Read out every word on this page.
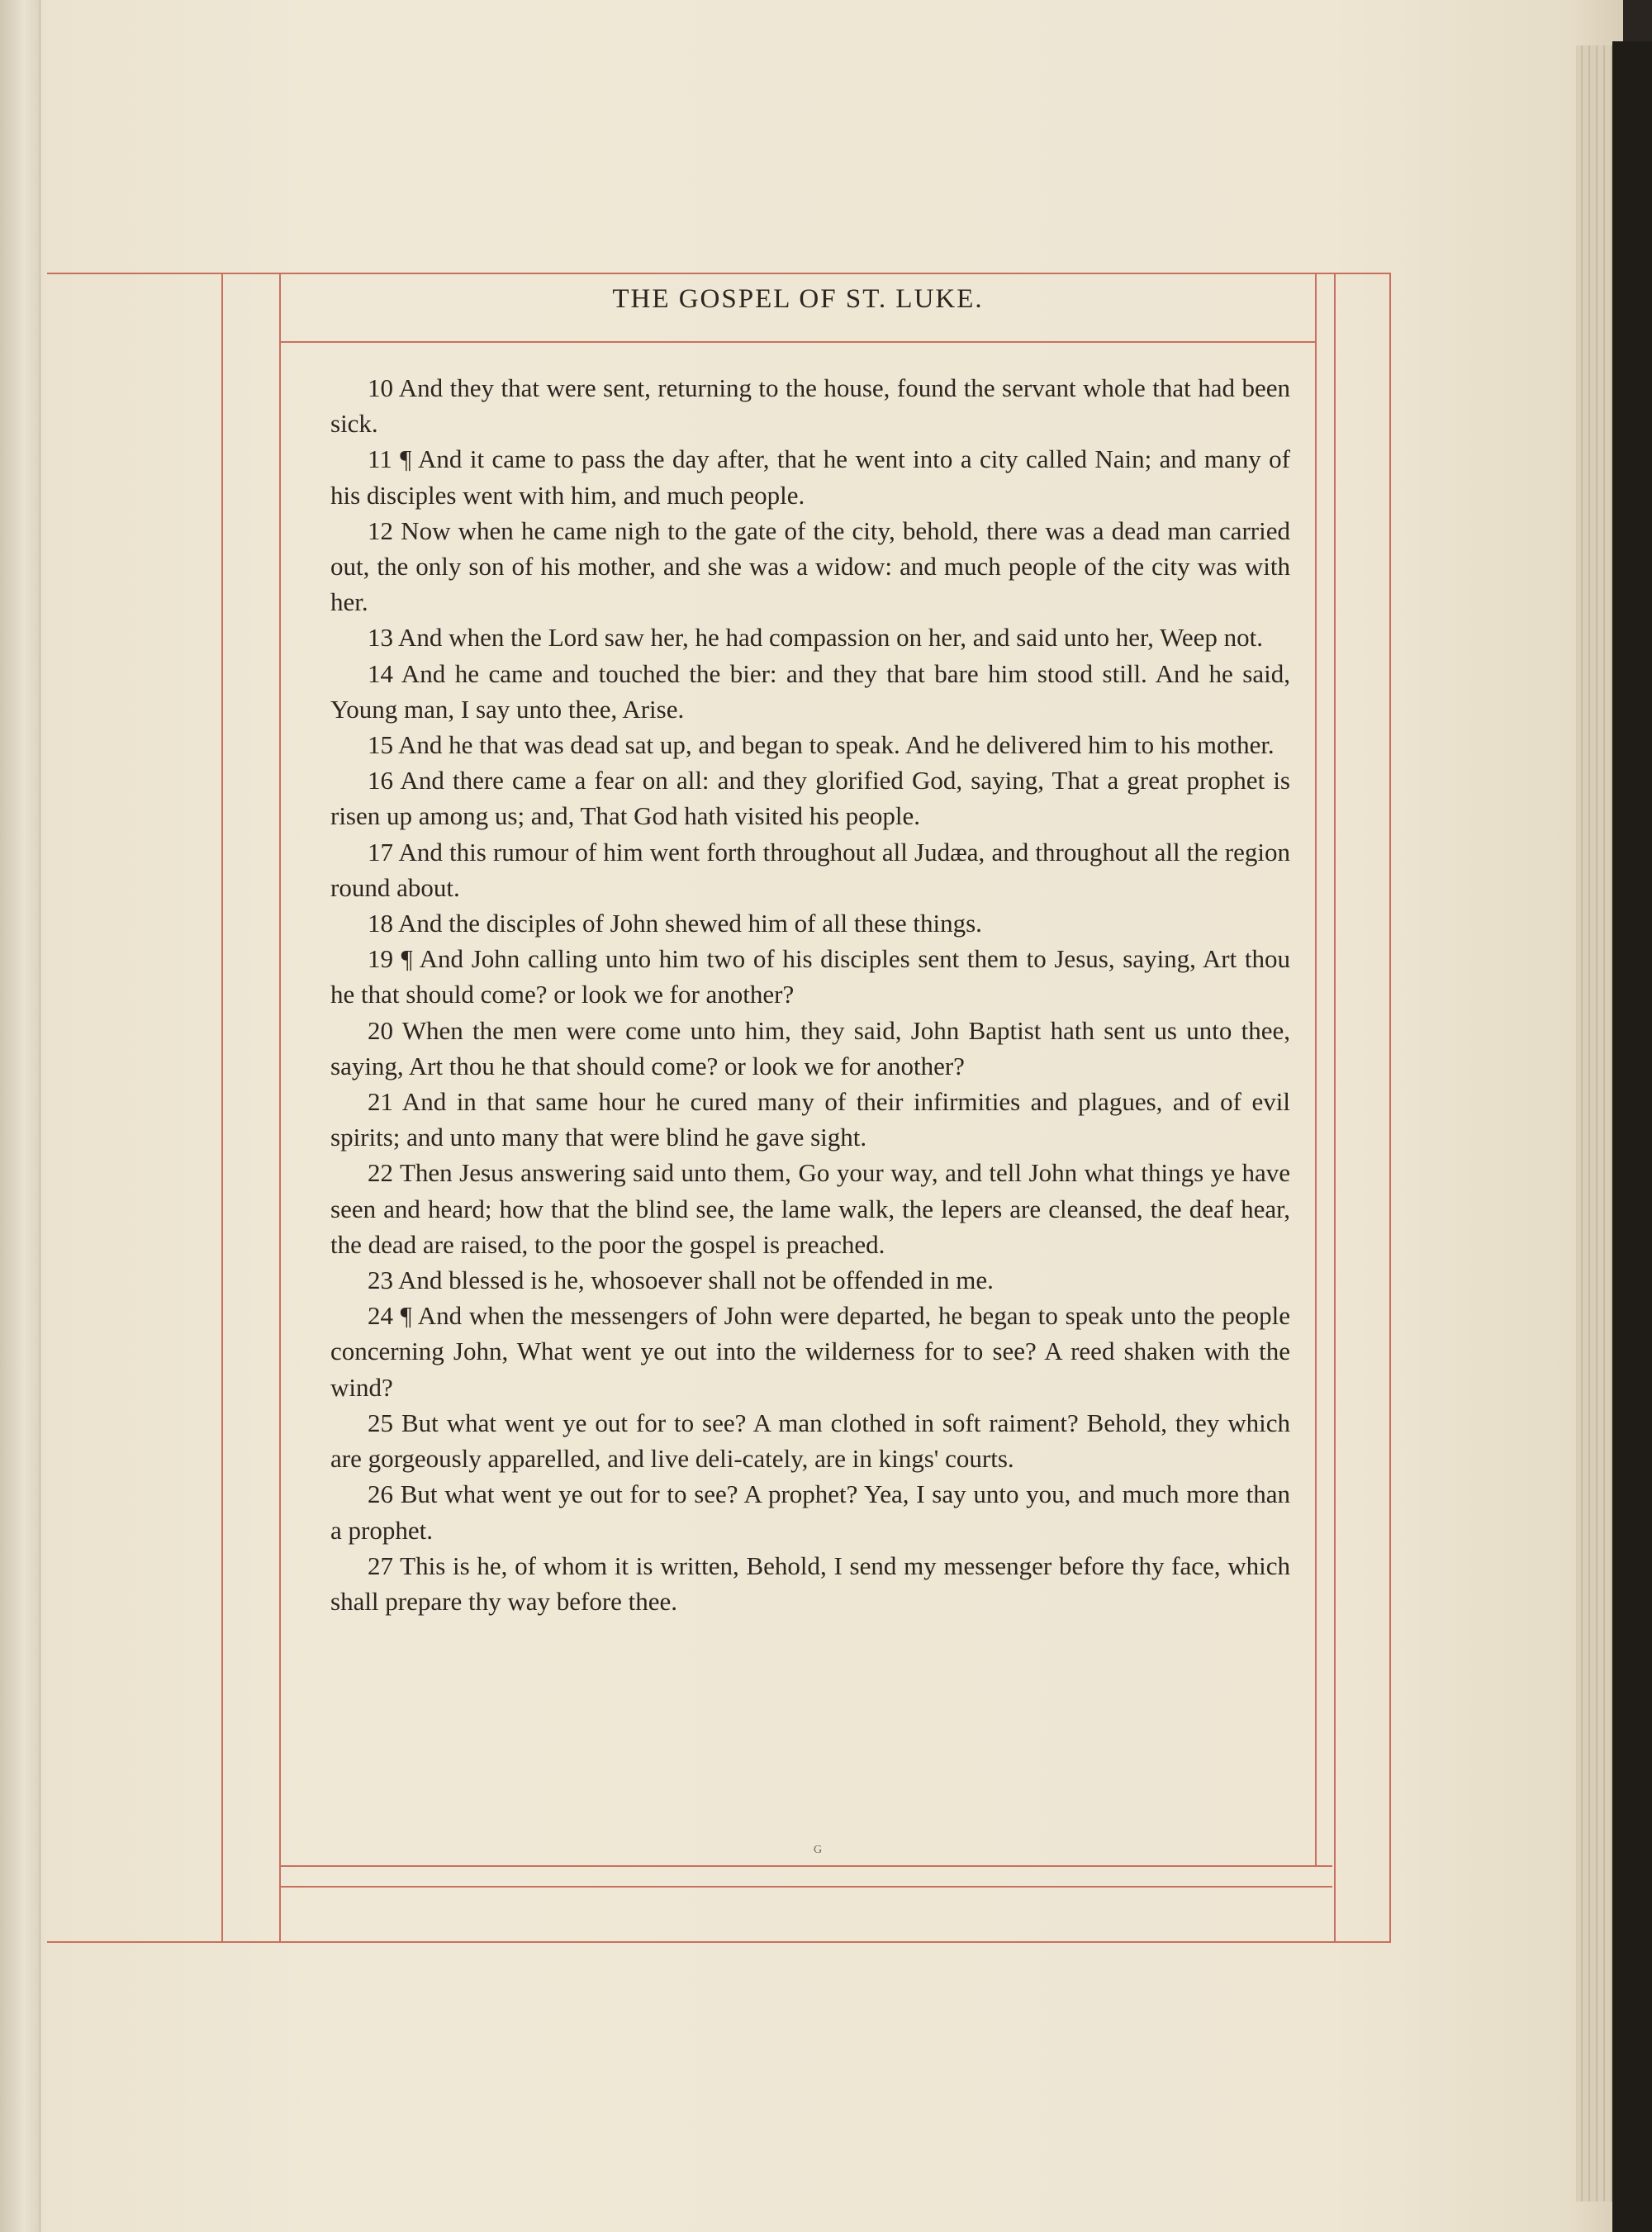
THE GOSPEL OF ST. LUKE.

10 And they that were sent, returning to the house, found the servant whole that had been sick.

11 ¶ And it came to pass the day after, that he went into a city called Nain; and many of his disciples went with him, and much people.

12 Now when he came nigh to the gate of the city, behold, there was a dead man carried out, the only son of his mother, and she was a widow: and much people of the city was with her.

13 And when the Lord saw her, he had compassion on her, and said unto her, Weep not.

14 And he came and touched the bier: and they that bare him stood still. And he said, Young man, I say unto thee, Arise.

15 And he that was dead sat up, and began to speak. And he delivered him to his mother.

16 And there came a fear on all: and they glorified God, saying, That a great prophet is risen up among us; and, That God hath visited his people.

17 And this rumour of him went forth throughout all Judæa, and throughout all the region round about.

18 And the disciples of John shewed him of all these things.

19 ¶ And John calling unto him two of his disciples sent them to Jesus, saying, Art thou he that should come? or look we for another?

20 When the men were come unto him, they said, John Baptist hath sent us unto thee, saying, Art thou he that should come? or look we for another?

21 And in that same hour he cured many of their infirmities and plagues, and of evil spirits; and unto many that were blind he gave sight.

22 Then Jesus answering said unto them, Go your way, and tell John what things ye have seen and heard; how that the blind see, the lame walk, the lepers are cleansed, the deaf hear, the dead are raised, to the poor the gospel is preached.

23 And blessed is he, whosoever shall not be offended in me.

24 ¶ And when the messengers of John were departed, he began to speak unto the people concerning John, What went ye out into the wilderness for to see? A reed shaken with the wind?

25 But what went ye out for to see? A man clothed in soft raiment? Behold, they which are gorgeously apparelled, and live deli-cately, are in kings' courts.

26 But what went ye out for to see? A prophet? Yea, I say unto you, and much more than a prophet.

27 This is he, of whom it is written, Behold, I send my messenger before thy face, which shall prepare thy way before thee.

G
